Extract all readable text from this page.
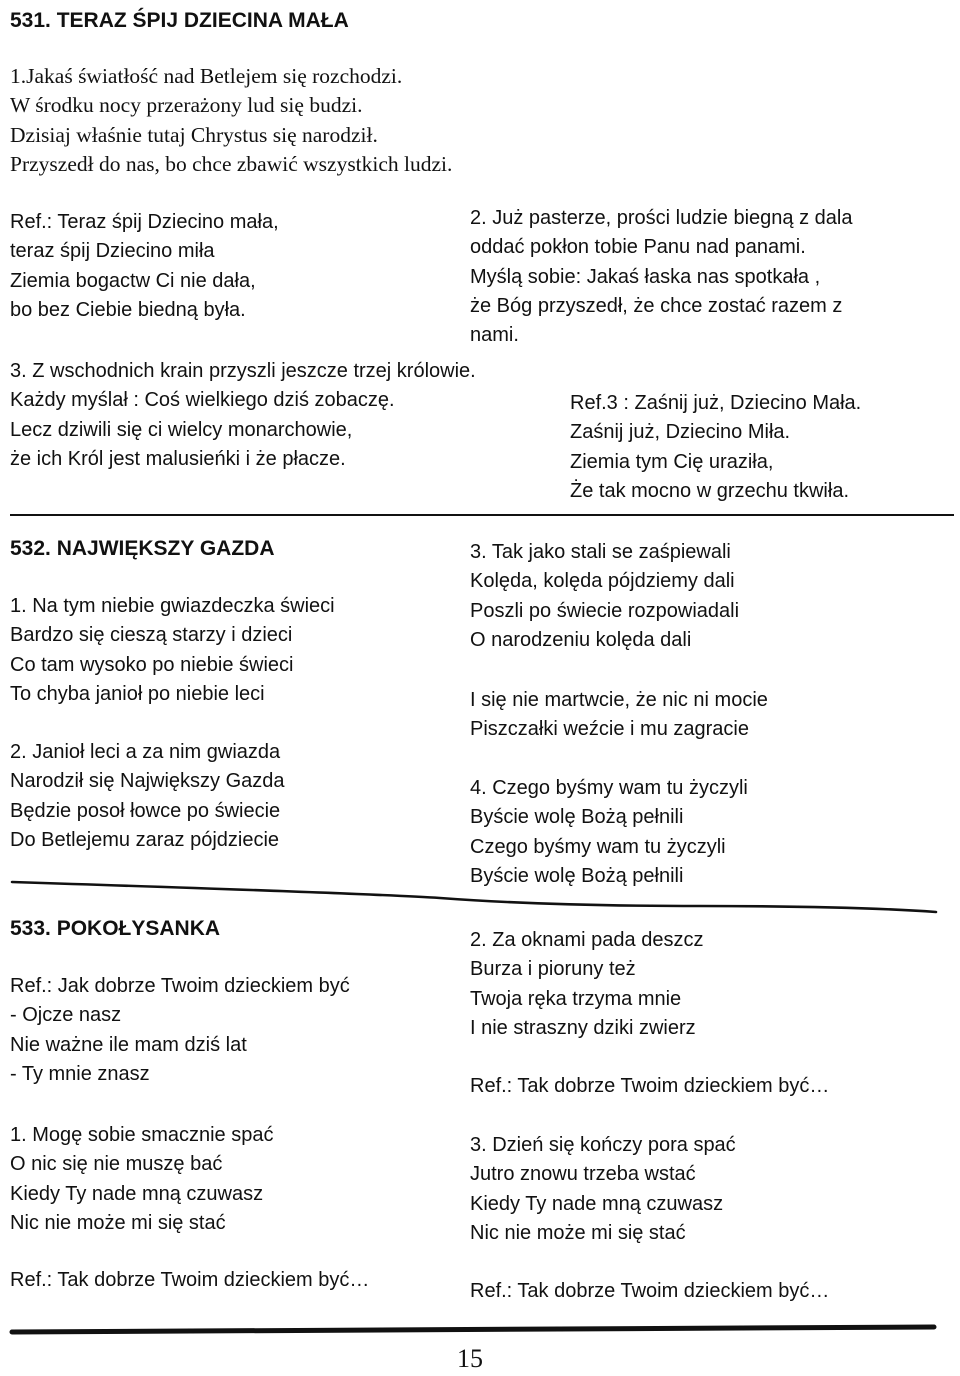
531. TERAZ ŚPIJ DZIECINA MAŁA
1.Jakaś światłość nad Betlejem się rozchodzi.
W środku nocy przerażony lud się budzi.
Dzisiaj właśnie tutaj Chrystus się narodził.
Przyszedł do nas, bo chce zbawić wszystkich ludzi.
Ref.: Teraz śpij Dziecino mała,
teraz śpij Dziecino miła
Ziemia bogactw Ci nie dała,
bo bez Ciebie biedną była.
2. Już pasterze, prości ludzie biegną z dala
oddać pokłon tobie Panu nad panami.
Myślą sobie: Jakaś łaska nas spotkała ,
że Bóg przyszedł, że chce zostać razem z
nami.
3. Z wschodnich krain przyszli jeszcze trzej królowie.
Każdy myślał : Coś wielkiego dziś zobaczę.
Lecz dziwili się ci wielcy monarchowie,
że ich Król jest malusieńki i że płacze.
Ref.3 : Zaśnij już, Dziecino Mała.
Zaśnij już, Dziecino Miła.
Ziemia tym Cię uraziła,
Że tak mocno w grzechu tkwiła.
532. NAJWIĘKSZY GAZDA
1. Na tym niebie gwiazdeczka świeci
Bardzo się cieszą starzy i dzieci
Co tam wysoko po niebie świeci
To chyba janioł po niebie leci
2. Janioł leci a za nim gwiazda
Narodził się Największy Gazda
Będzie posoł łowce po świecie
Do Betlejemu zaraz pójdziecie
3. Tak jako stali se zaśpiewali
Kolęda, kolęda pójdziemy dali
Poszli po świecie rozpowiadali
O narodzeniu kolęda dali
I się nie martwcie, że nic ni mocie
Piszczałki weźcie i mu zagracie
4. Czego byśmy wam tu życzyli
Byście wolę Bożą pełnili
Czego byśmy wam tu życzyli
Byście wolę Bożą pełnili
533. POKOŁYSANKA
Ref.: Jak dobrze Twoim dzieckiem być
- Ojcze nasz
Nie ważne ile mam dziś lat
- Ty mnie znasz
1. Mogę sobie smacznie spać
O nic się nie muszę bać
Kiedy Ty nade mną czuwasz
Nic nie może mi się stać
Ref.: Tak dobrze Twoim dzieckiem być…
2. Za oknami pada deszcz
Burza i pioruny też
Twoja ręka trzyma mnie
I nie straszny dziki zwierz
Ref.: Tak dobrze Twoim dzieckiem być…
3. Dzień się kończy pora spać
Jutro znowu trzeba wstać
Kiedy Ty nade mną czuwasz
Nic nie może mi się stać
Ref.: Tak dobrze Twoim dzieckiem być…
15
